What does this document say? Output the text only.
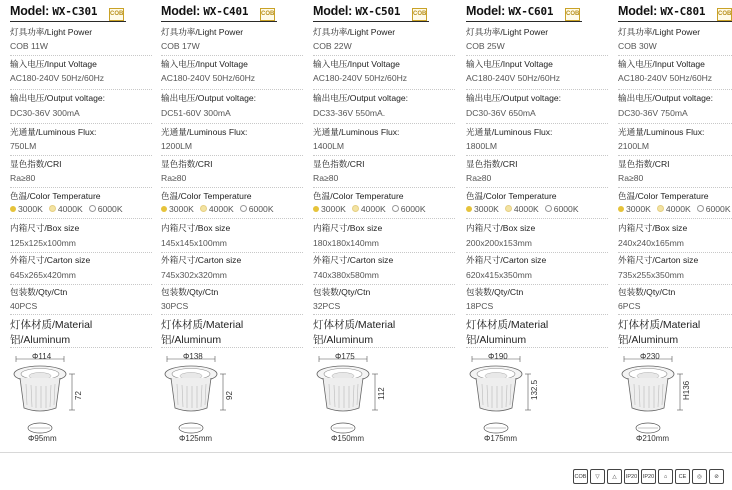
Model: WX-C301	COB
灯具功率/Light Power
COB 11W
输入电压/Input Voltage
AC180-240V 50Hz/60Hz
输出电压/Output voltage:
DC30-36V 300mA
光通量/Luminous Flux:
750LM
显色指数/CRI
Ra≥80
内箱尺寸/Box size
125x125x100mm
外箱尺寸/Carton size
645x265x420mm
包装数/Qty/Ctn
40PCS
色温/Color Temperature
3000K 4000K 6000K
灯体材质/Material
铝/Aluminum
Φ114
72
Φ95mm
Model: WX-C401	COB
灯具功率/Light Power
COB 17W
输入电压/Input Voltage
AC180-240V 50Hz/60Hz
输出电压/Output voltage:
DC51-60V 300mA
光通量/Luminous Flux:
1200LM
显色指数/CRI
Ra≥80
内箱尺寸/Box size
145x145x100mm
外箱尺寸/Carton size
745x302x320mm
包装数/Qty/Ctn
30PCS
色温/Color Temperature
3000K 4000K 6000K
灯体材质/Material
铝/Aluminum
Φ138
92
Φ125mm
Model: WX-C501	COB
灯具功率/Light Power
COB 22W
输入电压/Input Voltage
AC180-240V 50Hz/60Hz
输出电压/Output voltage:
DC33-36V 550mA.
光通量/Luminous Flux:
1400LM
显色指数/CRI
Ra≥80
内箱尺寸/Box size
180x180x140mm
外箱尺寸/Carton size
740x380x580mm
包装数/Qty/Ctn
32PCS
色温/Color Temperature
3000K 4000K 6000K
灯体材质/Material
铝/Aluminum
Φ175
112
Φ150mm
Model: WX-C601	COB
灯具功率/Light Power
COB 25W
输入电压/Input Voltage
AC180-240V 50Hz/60Hz
输出电压/Output voltage:
DC30-36V 650mA
光通量/Luminous Flux:
1800LM
显色指数/CRI
Ra≥80
内箱尺寸/Box size
200x200x153mm
外箱尺寸/Carton size
620x415x350mm
包装数/Qty/Ctn
18PCS
色温/Color Temperature
3000K 4000K 6000K
灯体材质/Material
铝/Aluminum
Φ190
132.5
Φ175mm
Model: WX-C801	COB
灯具功率/Light Power
COB 30W
输入电压/Input Voltage
AC180-240V 50Hz/60Hz
输出电压/Output voltage:
DC30-36V 750mA
光通量/Luminous Flux:
2100LM
显色指数/CRI
Ra≥80
内箱尺寸/Box size
240x240x165mm
外箱尺寸/Carton size
735x255x350mm
包装数/Qty/Ctn
6PCS
色温/Color Temperature
3000K 4000K 6000K
灯体材质/Material
铝/Aluminum
Φ230
H136
Φ210mm
COB	▽	△	IP20	IP20	⌂	CE	◎	⊘
